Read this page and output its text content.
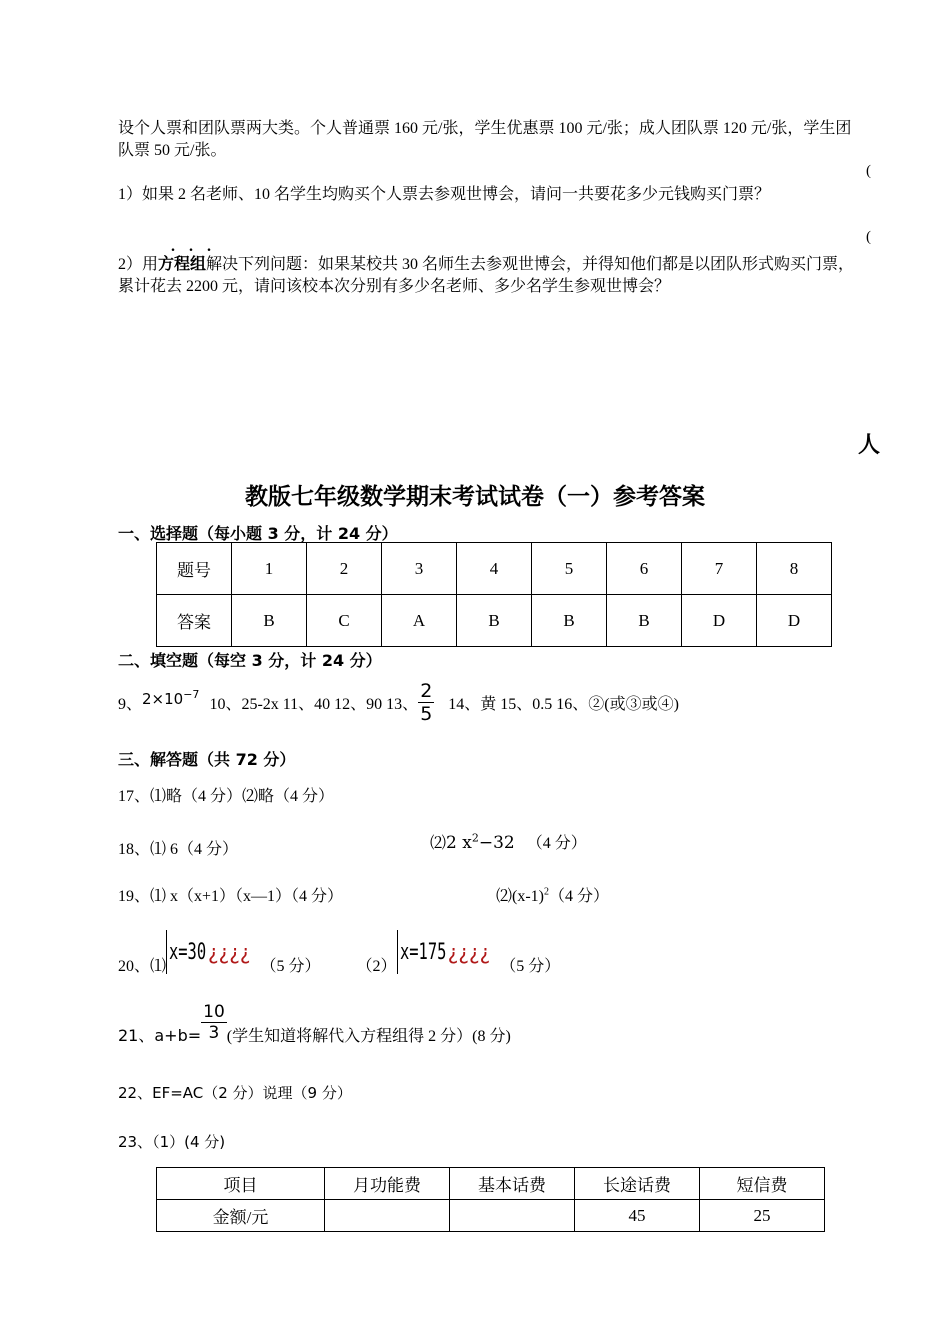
设个人票和团队票两大类。个人普通票 160 元/张，学生优惠票 100 元/张；成人团队票 120 元/张，学生团队票 50 元/张。
(
1）如果 2 名老师、10 名学生均购买个人票去参观世博会，请问一共要花多少元钱购买门票？
(
...
2）用方程组解决下列问题：如果某校共 30 名师生去参观世博会，并得知他们都是以团队形式购买门票，累计花去 2200 元，请问该校本次分别有多少名老师、多少名学生参观世博会？
人
教版七年级数学期末考试试卷（一）参考答案
一、选择题（每小题 3 分，计 24 分）
题号	1	2	3	4	5	6	7	8
答案	B	C	A	B	B	B	D	D
二、填空题（每空 3 分，计 24 分）
9、 $2\times 10^{-7}$
10、25-2x 11、40 12、90 13、 $\frac{2}{5} 14$、黄 15、0.5 16、②(或③或④)
三、解答题（共 72 分）
17、⑴略（4 分）⑵略（4 分）
18、⑴ 6（4 分）	⑵2 $x^2-32$ （4 分）
19、⑴ x（x+1）（x—1）（4 分）	$⑵(x-1)^2(4$ 分）
20、⑴
x=30 ¿¿¿¿
（5 分） （2）
x=175 ¿¿¿¿
（5 分）
21、$a+b= \frac{10}{3}$ (学生知道将解代入方程组得 2 分）(8 分)
22、EF=AC（2 分）说理（9 分）
23、（1）(4 分)
项目	月功能费	基本话费	长途话费	短信费
金额/元			45	25
